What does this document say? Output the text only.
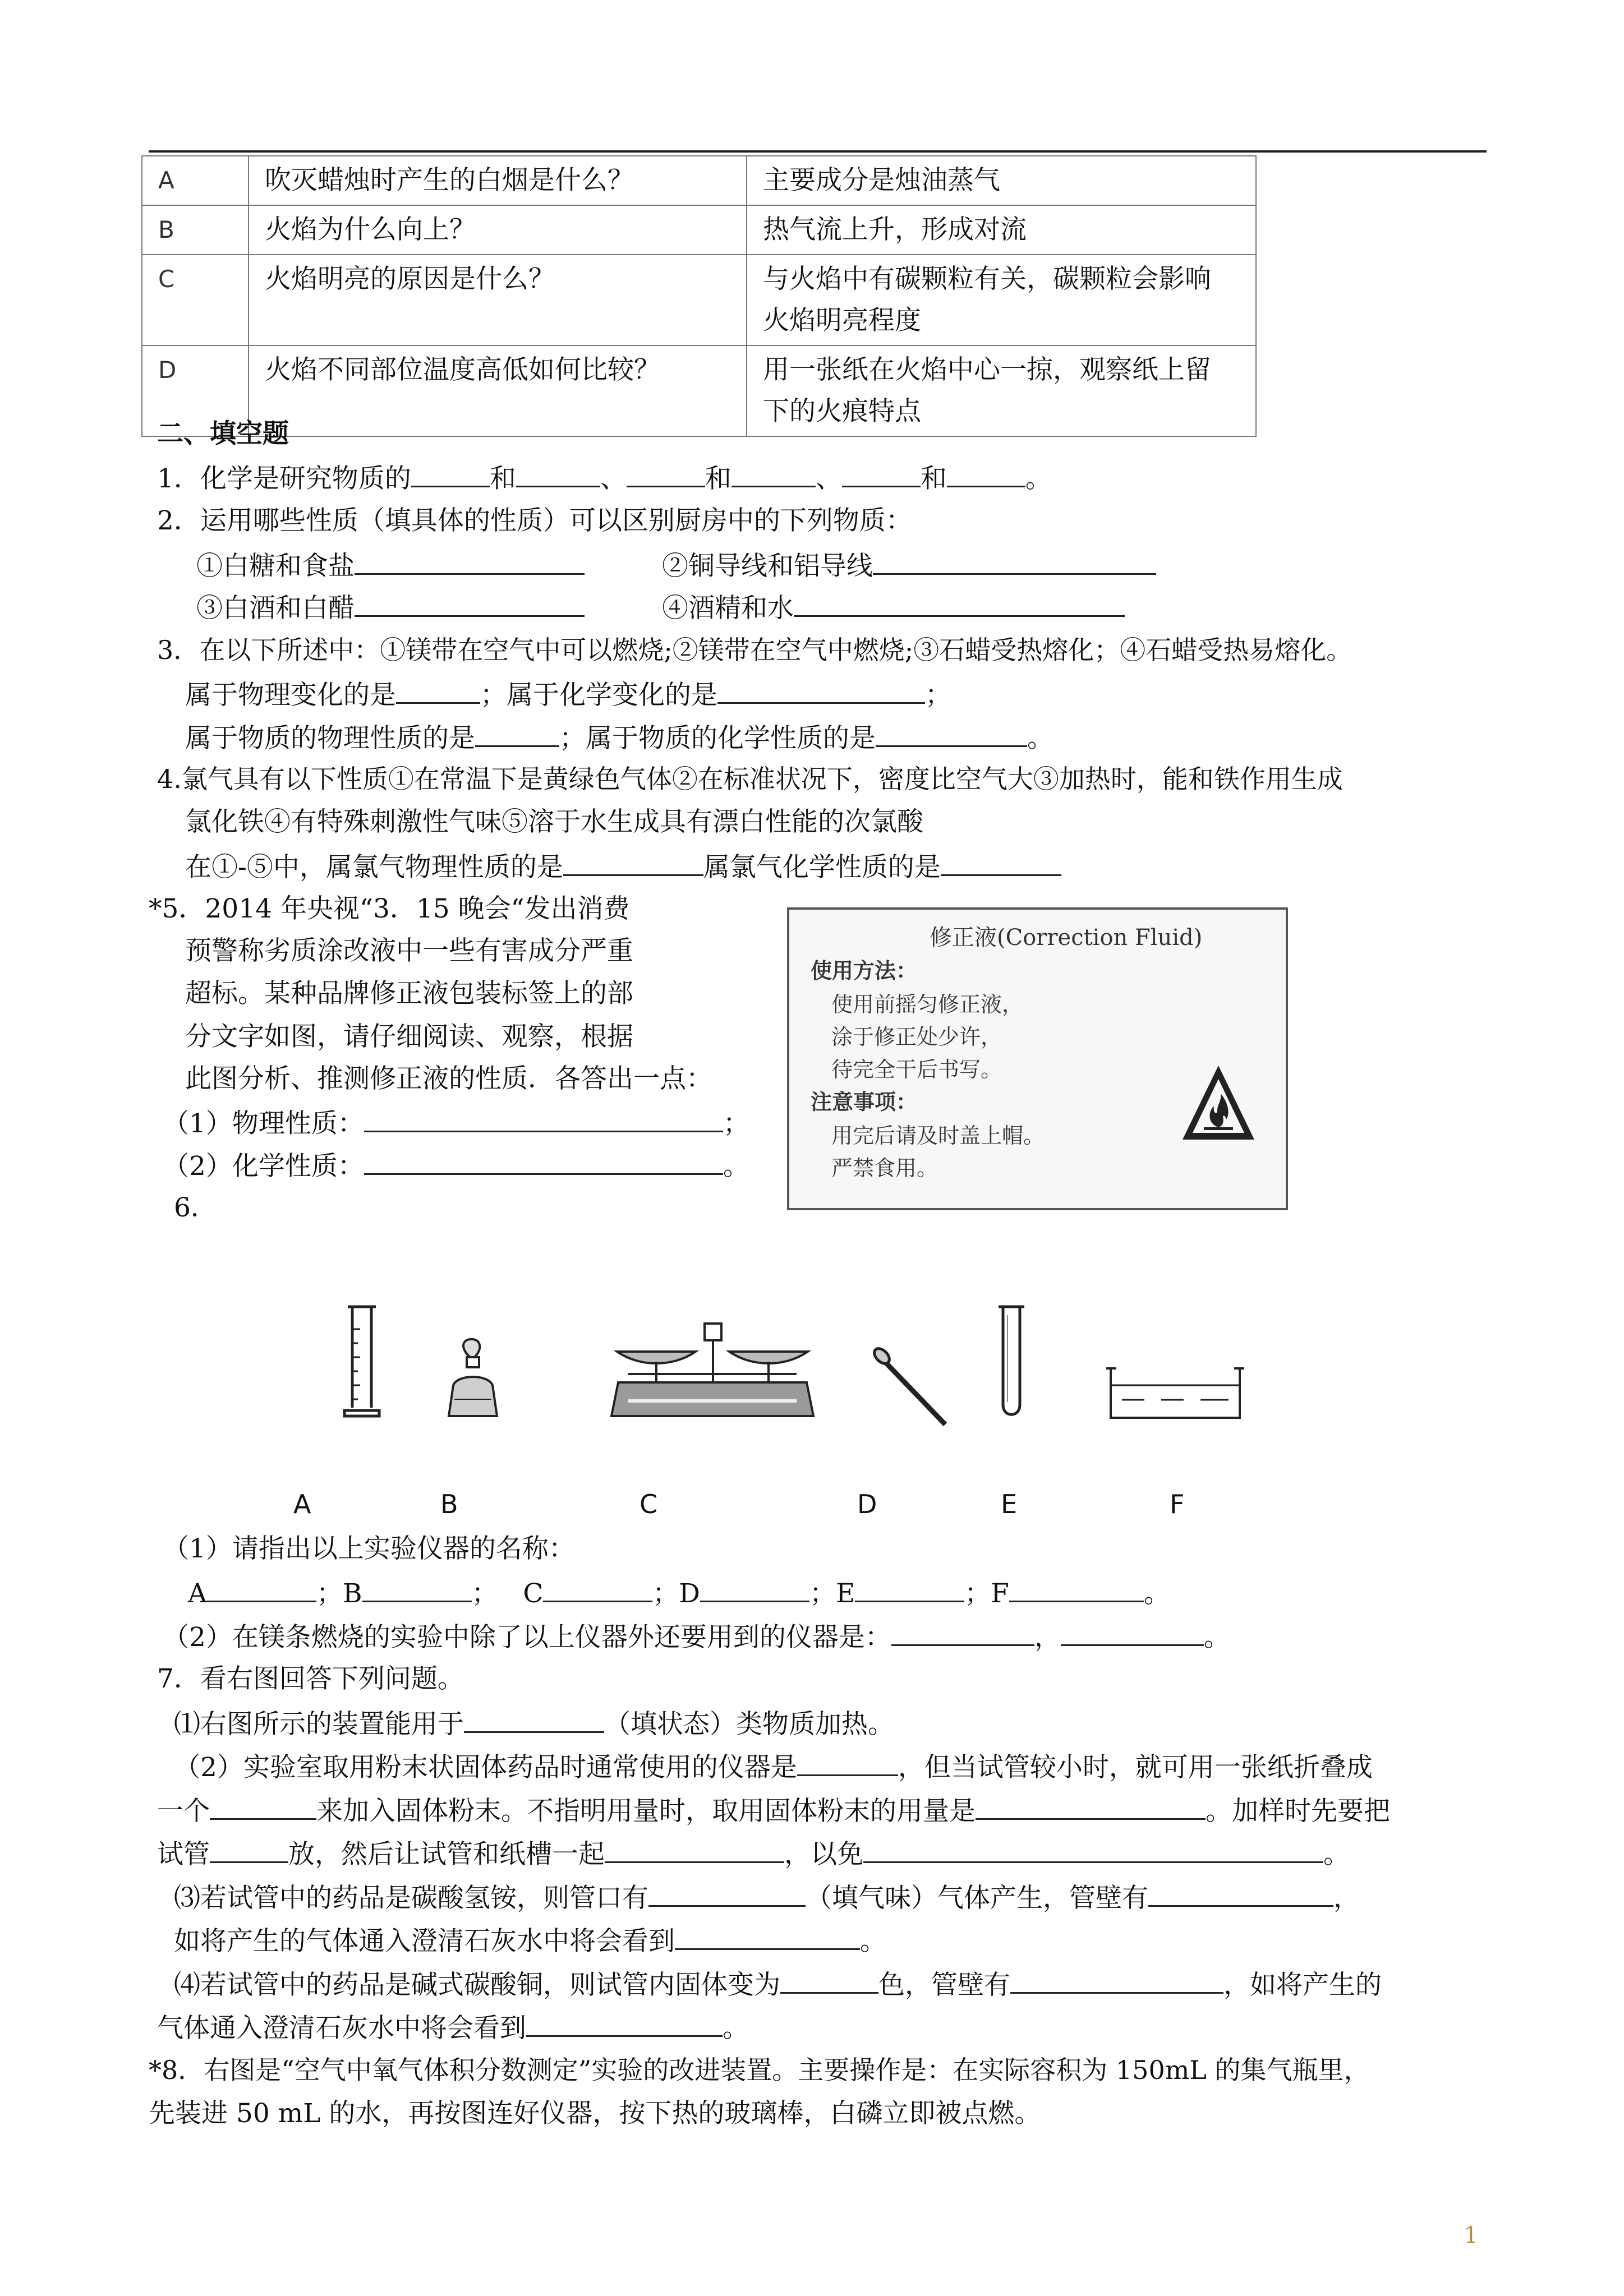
A	吹灭蜡烛时产生的白烟是什么？	主要成分是烛油蒸气
B	火焰为什么向上？	热气流上升，形成对流
C	火焰明亮的原因是什么？	与火焰中有碳颗粒有关，碳颗粒会影响
火焰明亮程度
D	火焰不同部位温度高低如何比较？	用一张纸在火焰中心一掠，观察纸上留
下的火痕特点
二、填空题
1．化学是研究物质的	和	、	和	、	和	。
2．运用哪些性质（填具体的性质）可以区别厨房中的下列物质：
①白糖和食盐	②铜导线和铝导线
③白酒和白醋	④酒精和水
3．在以下所述中：①镁带在空气中可以燃烧;②镁带在空气中燃烧;③石蜡受热熔化；④石蜡受热易熔化。
属于物理变化的是	；属于化学变化的是	；
属于物质的物理性质的是	；属于物质的化学性质的是	。
4.氯气具有以下性质①在常温下是黄绿色气体②在标准状况下，密度比空气大③加热时，能和铁作用生成
氯化铁④有特殊刺激性气味⑤溶于水生成具有漂白性能的次氯酸
在①-⑤中，属氯气物理性质的是	属氯气化学性质的是
*5．2014 年央视“3．15 晚会“发出消费
预警称劣质涂改液中一些有害成分严重
超标。某种品牌修正液包装标签上的部
分文字如图，请仔细阅读、观察，根据
此图分析、推测修正液的性质．各答出一点：
（1）物理性质：	；
（2）化学性质：	。
修正液(Correction Fluid)
使用方法：
使用前摇匀修正液，
涂于修正处少许，
待完全干后书写。
注意事项：
用完后请及时盖上帽。
严禁食用。
6．
A	B	C	D	E	F
（1）请指出以上实验仪器的名称：
A	；B	； C	；D	；E	；F	。
（2）在镁条燃烧的实验中除了以上仪器外还要用到的仪器是：	，	。
7．看右图回答下列问题。
⑴右图所示的装置能用于	（填状态）类物质加热。
（2）实验室取用粉末状固体药品时通常使用的仪器是	，但当试管较小时，就可用一张纸折叠成
一个	来加入固体粉末。不指明用量时，取用固体粉末的用量是	。加样时先要把
试管	放，然后让试管和纸槽一起	，以免	。
⑶若试管中的药品是碳酸氢铵，则管口有	（填气味）气体产生，管壁有	，
如将产生的气体通入澄清石灰水中将会看到	。
⑷若试管中的药品是碱式碳酸铜，则试管内固体变为	色，管壁有	，如将产生的
气体通入澄清石灰水中将会看到	。
*8．右图是“空气中氧气体积分数测定”实验的改进装置。主要操作是：在实际容积为 150mL 的集气瓶里，
先装进 50 mL 的水，再按图连好仪器，按下热的玻璃棒，白磷立即被点燃。
1
